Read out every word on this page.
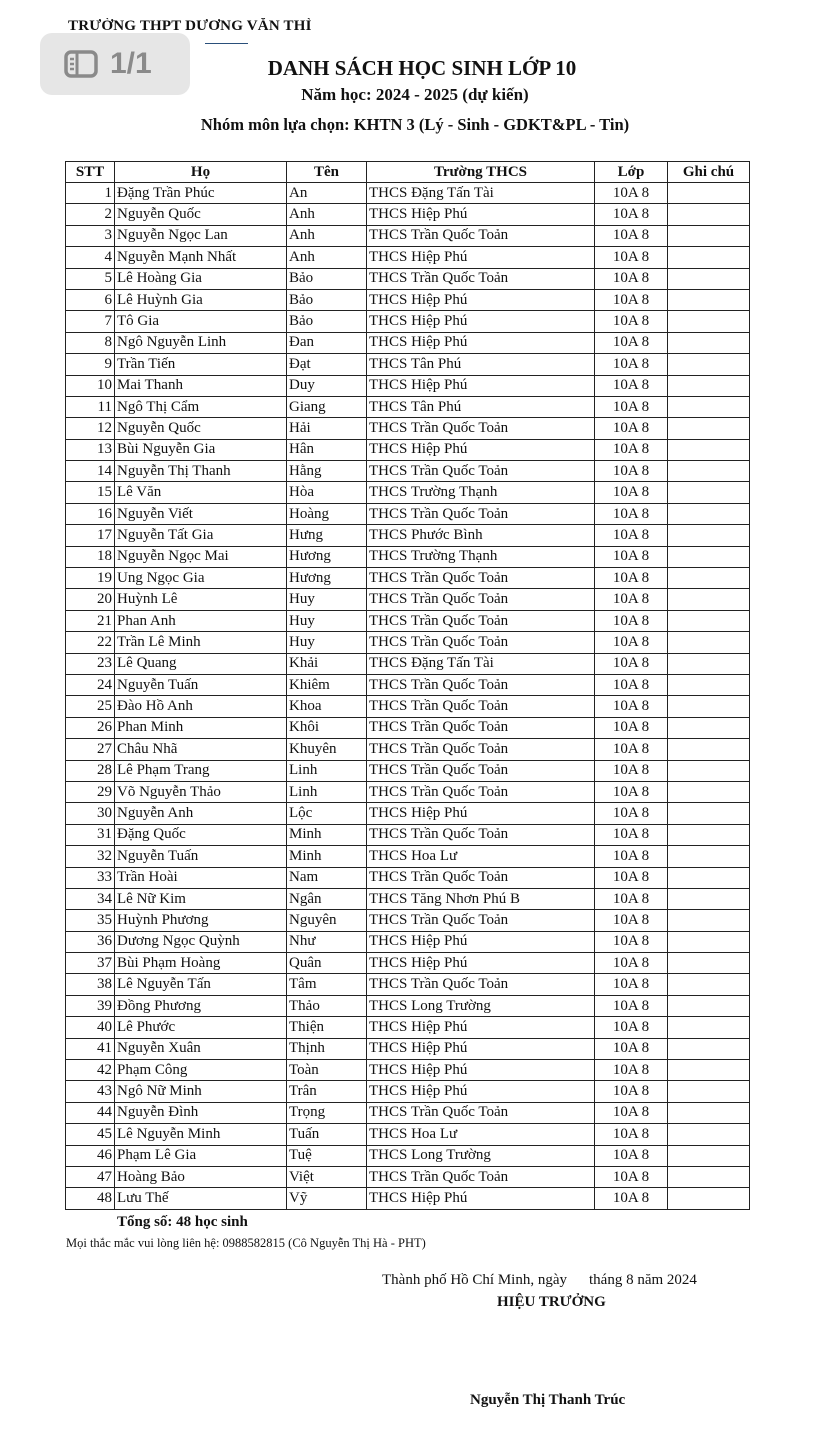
TRƯỜNG THPT DƯƠNG VĂN THÌ
1/1	DANH SÁCH HỌC SINH LỚP 10
Năm học: 2024 - 2025 (dự kiến)
Nhóm môn lựa chọn: KHTN 3 (Lý - Sinh - GDKT&PL - Tin)
STT	Họ	Tên	Trường THCS	Lớp	Ghi chú
1	Đặng Trần Phúc	An	THCS Đặng Tấn Tài	10A 8	
2	Nguyễn Quốc	Anh	THCS Hiệp Phú	10A 8	
3	Nguyễn Ngọc Lan	Anh	THCS Trần Quốc Toản	10A 8	
4	Nguyễn Mạnh Nhất	Anh	THCS Hiệp Phú	10A 8	
5	Lê Hoàng Gia	Bảo	THCS Trần Quốc Toản	10A 8	
6	Lê Huỳnh Gia	Bảo	THCS Hiệp Phú	10A 8	
7	Tô Gia	Bảo	THCS Hiệp Phú	10A 8	
8	Ngô Nguyễn Linh	Đan	THCS Hiệp Phú	10A 8	
9	Trần Tiến	Đạt	THCS Tân Phú	10A 8	
10	Mai Thanh	Duy	THCS Hiệp Phú	10A 8	
11	Ngô Thị Cẩm	Giang	THCS Tân Phú	10A 8	
12	Nguyễn Quốc	Hải	THCS Trần Quốc Toản	10A 8	
13	Bùi Nguyễn Gia	Hân	THCS Hiệp Phú	10A 8	
14	Nguyễn Thị Thanh	Hằng	THCS Trần Quốc Toản	10A 8	
15	Lê Văn	Hòa	THCS Trường Thạnh	10A 8	
16	Nguyễn Viết	Hoàng	THCS Trần Quốc Toản	10A 8	
17	Nguyễn Tất Gia	Hưng	THCS Phước Bình	10A 8	
18	Nguyễn Ngọc Mai	Hương	THCS Trường Thạnh	10A 8	
19	Ung Ngọc Gia	Hương	THCS Trần Quốc Toản	10A 8	
20	Huỳnh Lê	Huy	THCS Trần Quốc Toản	10A 8	
21	Phan Anh	Huy	THCS Trần Quốc Toản	10A 8	
22	Trần Lê Minh	Huy	THCS Trần Quốc Toản	10A 8	
23	Lê Quang	Khải	THCS Đặng Tấn Tài	10A 8	
24	Nguyễn Tuấn	Khiêm	THCS Trần Quốc Toản	10A 8	
25	Đào Hồ Anh	Khoa	THCS Trần Quốc Toản	10A 8	
26	Phan Minh	Khôi	THCS Trần Quốc Toản	10A 8	
27	Châu Nhã	Khuyên	THCS Trần Quốc Toản	10A 8	
28	Lê Phạm Trang	Linh	THCS Trần Quốc Toản	10A 8	
29	Võ Nguyễn Thảo	Linh	THCS Trần Quốc Toản	10A 8	
30	Nguyễn Anh	Lộc	THCS Hiệp Phú	10A 8	
31	Đặng Quốc	Minh	THCS Trần Quốc Toản	10A 8	
32	Nguyễn Tuấn	Minh	THCS Hoa Lư	10A 8	
33	Trần Hoài	Nam	THCS Trần Quốc Toản	10A 8	
34	Lê Nữ Kim	Ngân	THCS Tăng Nhơn Phú B	10A 8	
35	Huỳnh Phương	Nguyên	THCS Trần Quốc Toản	10A 8	
36	Dương Ngọc Quỳnh	Như	THCS Hiệp Phú	10A 8	
37	Bùi Phạm Hoàng	Quân	THCS Hiệp Phú	10A 8	
38	Lê Nguyễn Tấn	Tâm	THCS Trần Quốc Toản	10A 8	
39	Đồng Phương	Thảo	THCS Long Trường	10A 8	
40	Lê Phước	Thiện	THCS Hiệp Phú	10A 8	
41	Nguyễn Xuân	Thịnh	THCS Hiệp Phú	10A 8	
42	Phạm Công	Toàn	THCS Hiệp Phú	10A 8	
43	Ngô Nữ Minh	Trân	THCS Hiệp Phú	10A 8	
44	Nguyễn Đình	Trọng	THCS Trần Quốc Toản	10A 8	
45	Lê Nguyễn Minh	Tuấn	THCS Hoa Lư	10A 8	
46	Phạm Lê Gia	Tuệ	THCS Long Trường	10A 8	
47	Hoàng Bảo	Việt	THCS Trần Quốc Toản	10A 8	
48	Lưu Thế	Vỹ	THCS Hiệp Phú	10A 8	
Tổng số: 48 học sinh
Mọi thắc mắc vui lòng liên hệ: 0988582815 (Cô Nguyễn Thị Hà - PHT)
Thành phố Hồ Chí Minh, ngày tháng 8 năm 2024
HIỆU TRƯỞNG
Nguyễn Thị Thanh Trúc
